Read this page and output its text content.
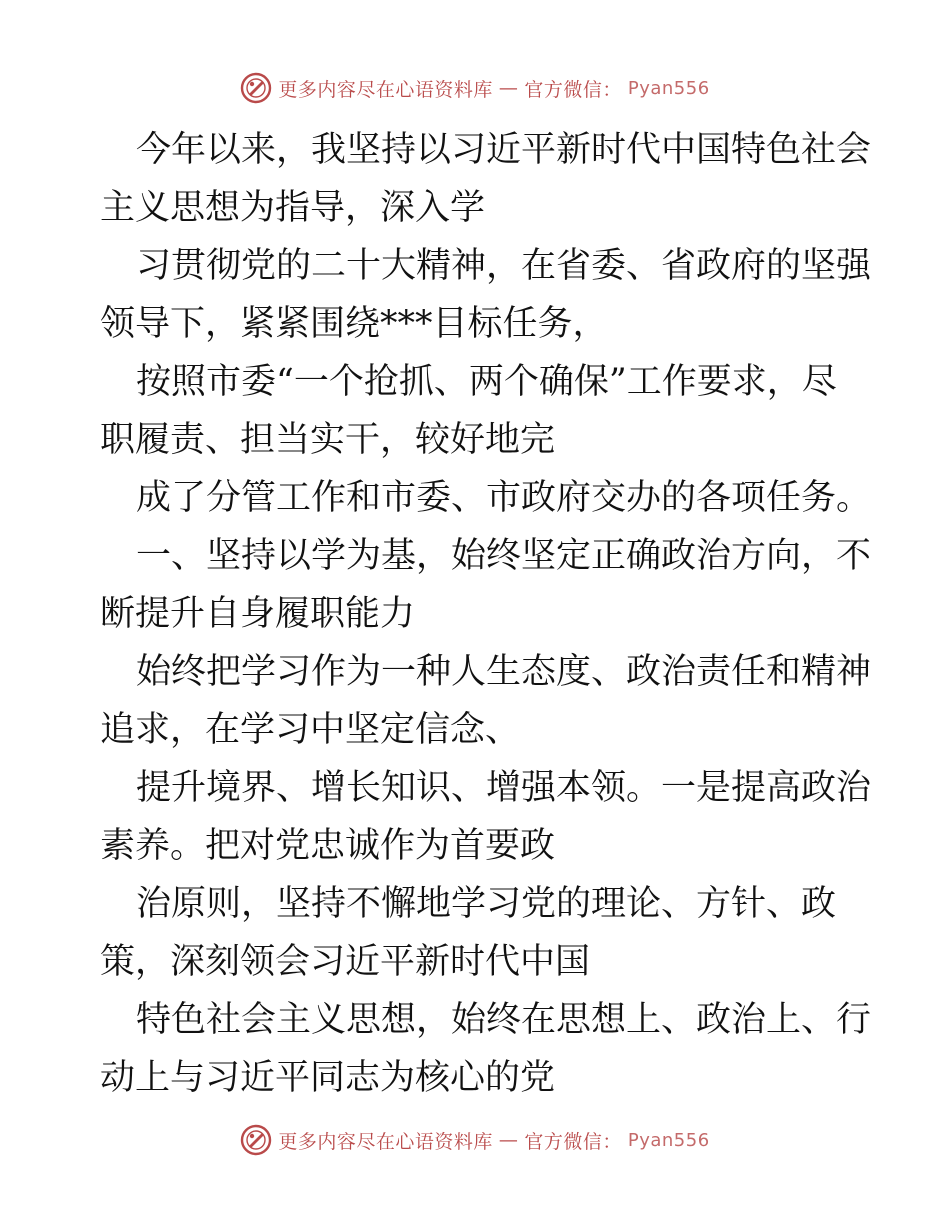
更多内容尽在心语资料库 — 官方微信： Pyan556
今年以来，我坚持以习近平新时代中国特色社会
主义思想为指导，深入学
习贯彻党的二十大精神，在省委、省政府的坚强
领导下，紧紧围绕***目标任务，
按照市委“一个抢抓、两个确保”工作要求，尽
职履责、担当实干，较好地完
成了分管工作和市委、市政府交办的各项任务。
一、坚持以学为基，始终坚定正确政治方向，不
断提升自身履职能力
始终把学习作为一种人生态度、政治责任和精神
追求，在学习中坚定信念、
提升境界、增长知识、增强本领。一是提高政治
素养。把对党忠诚作为首要政
治原则，坚持不懈地学习党的理论、方针、政
策，深刻领会习近平新时代中国
特色社会主义思想，始终在思想上、政治上、行
动上与习近平同志为核心的党
更多内容尽在心语资料库 — 官方微信： Pyan556
